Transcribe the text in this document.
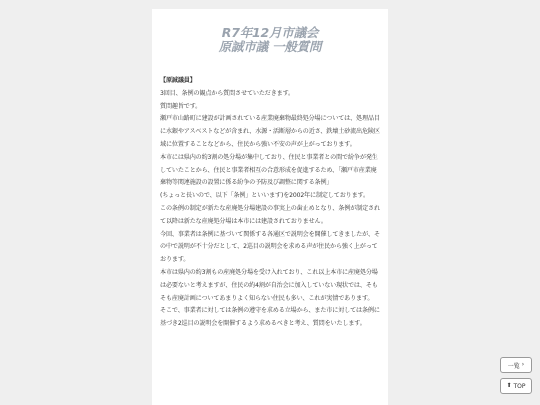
R7年12月市議会
原誠市議 一般質問

【原誠議員】

3回目、条例の観点から質問させていただきます。

質問趣旨です。

瀬戸市山路町に建設が計画されている産業廃棄物最終処分場については、処理品目に水銀やアスベストなどが含まれ、水源・活断層からの近さ、鉄壊土砂流出危険区域に位置することなどから、住民から強い不安の声が上がっております。

本市には県内の約3割の処分場が集中しており、住民と事業者との間で紛争が発生していたことから、住民と事業者相互の合意形成を促進するため、「瀬戸市産業廃棄物等関連施設の設置に係る紛争の予防及び調整に関する条例」

(ちょっと長いので、以下「条例」といいます)を2002年に制定しております。

この条例の制定が新たな産廃処分場建設の事実上の歯止めとなり、条例が制定されて以降は新たな産廃処分場は本市には建設されておりません。

今回、事業者は条例に基づいて関係する各通区で説明会を開催してきましたが、その中で説明が不十分だとして、2巡目の説明会を求める声が住民から強く上がっております。

本市は県内の約3割もの産廃処分場を受け入れており、これ以上本市に産廃処分場は必要ないと考えますが、住民の約4割が自治会に加入していない現状では、そもそも産廃計画についてあまりよく知らない住民も多い、これが実情であります。

そこで、事業者に対しては条例の遵守を求める立場から、また市に対しては条例に基づき2巡目の説明会を開催するよう求めるべきと考え、質問をいたします。

一覧 ›
⬆ TOP
